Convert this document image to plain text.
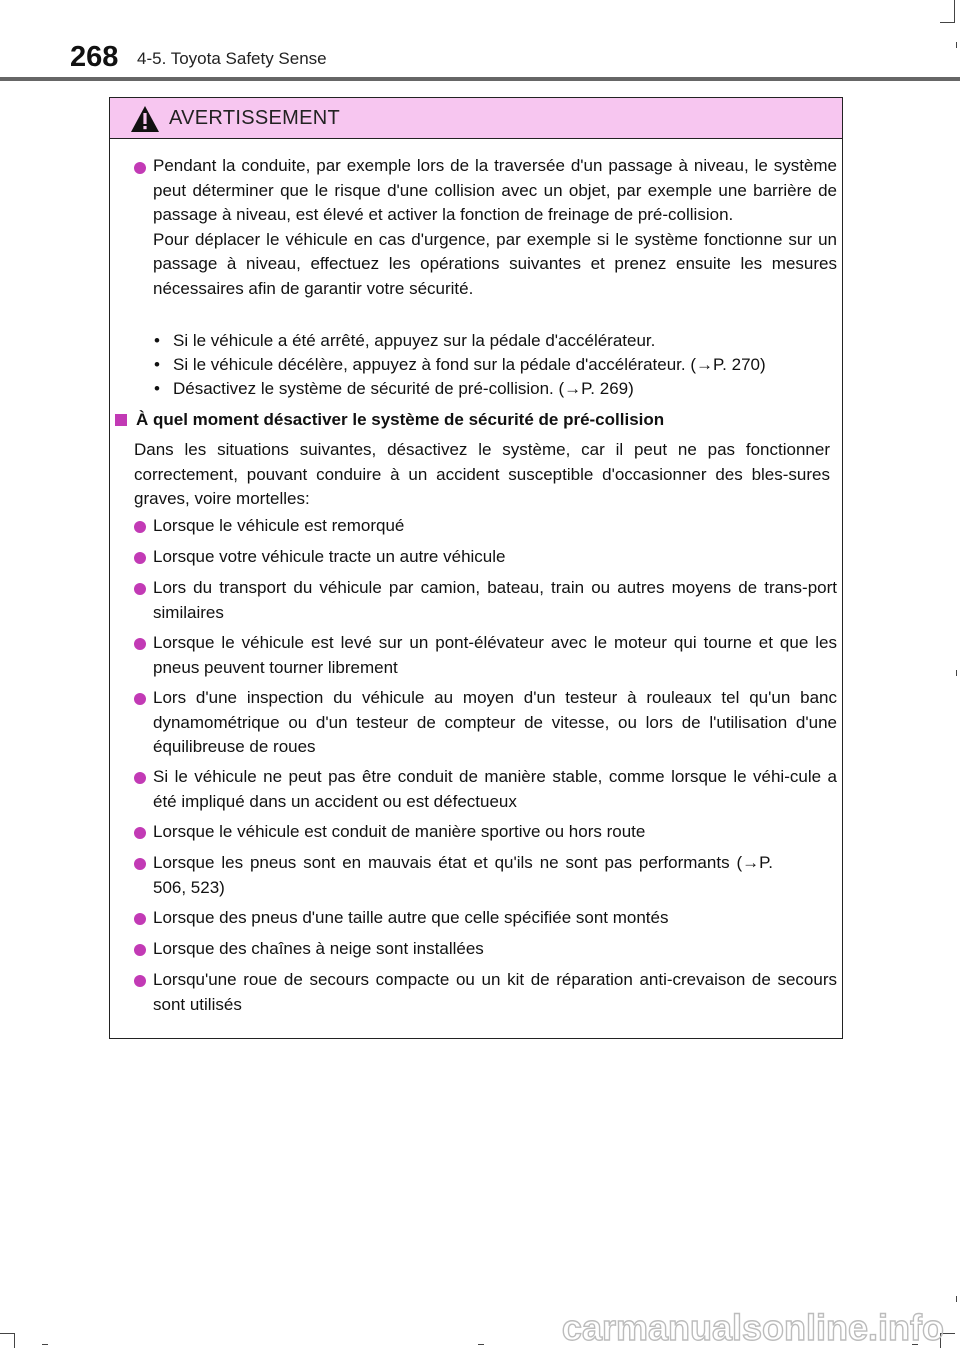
268 4-5. Toyota Safety Sense
AVERTISSEMENT

Pendant la conduite, par exemple lors de la traversée d'un passage à niveau, le système peut déterminer que le risque d'une collision avec un objet, par exemple une barrière de passage à niveau, est élevé et activer la fonction de freinage de pré-collision.

Pour déplacer le véhicule en cas d'urgence, par exemple si le système fonctionne sur un passage à niveau, effectuez les opérations suivantes et prenez ensuite les mesures nécessaires afin de garantir votre sécurité.

• Si le véhicule a été arrêté, appuyez sur la pédale d'accélérateur.
• Si le véhicule décélère, appuyez à fond sur la pédale d'accélérateur. (→P. 270)
• Désactivez le système de sécurité de pré-collision. (→P. 269)
À quel moment désactiver le système de sécurité de pré-collision
Dans les situations suivantes, désactivez le système, car il peut ne pas fonctionner correctement, pouvant conduire à un accident susceptible d'occasionner des bles-sures graves, voire mortelles:
Lorsque le véhicule est remorqué
Lorsque votre véhicule tracte un autre véhicule
Lors du transport du véhicule par camion, bateau, train ou autres moyens de trans-port similaires
Lorsque le véhicule est levé sur un pont-élévateur avec le moteur qui tourne et que les pneus peuvent tourner librement
Lors d'une inspection du véhicule au moyen d'un testeur à rouleaux tel qu'un banc dynamométrique ou d'un testeur de compteur de vitesse, ou lors de l'utilisation d'une équilibreuse de roues
Si le véhicule ne peut pas être conduit de manière stable, comme lorsque le véhi-cule a été impliqué dans un accident ou est défectueux
Lorsque le véhicule est conduit de manière sportive ou hors route
Lorsque les pneus sont en mauvais état et qu'ils ne sont pas performants (→P. 506, 523)
Lorsque des pneus d'une taille autre que celle spécifiée sont montés
Lorsque des chaînes à neige sont installées
Lorsqu'une roue de secours compacte ou un kit de réparation anti-crevaison de secours sont utilisés
carmanualsonline.info
